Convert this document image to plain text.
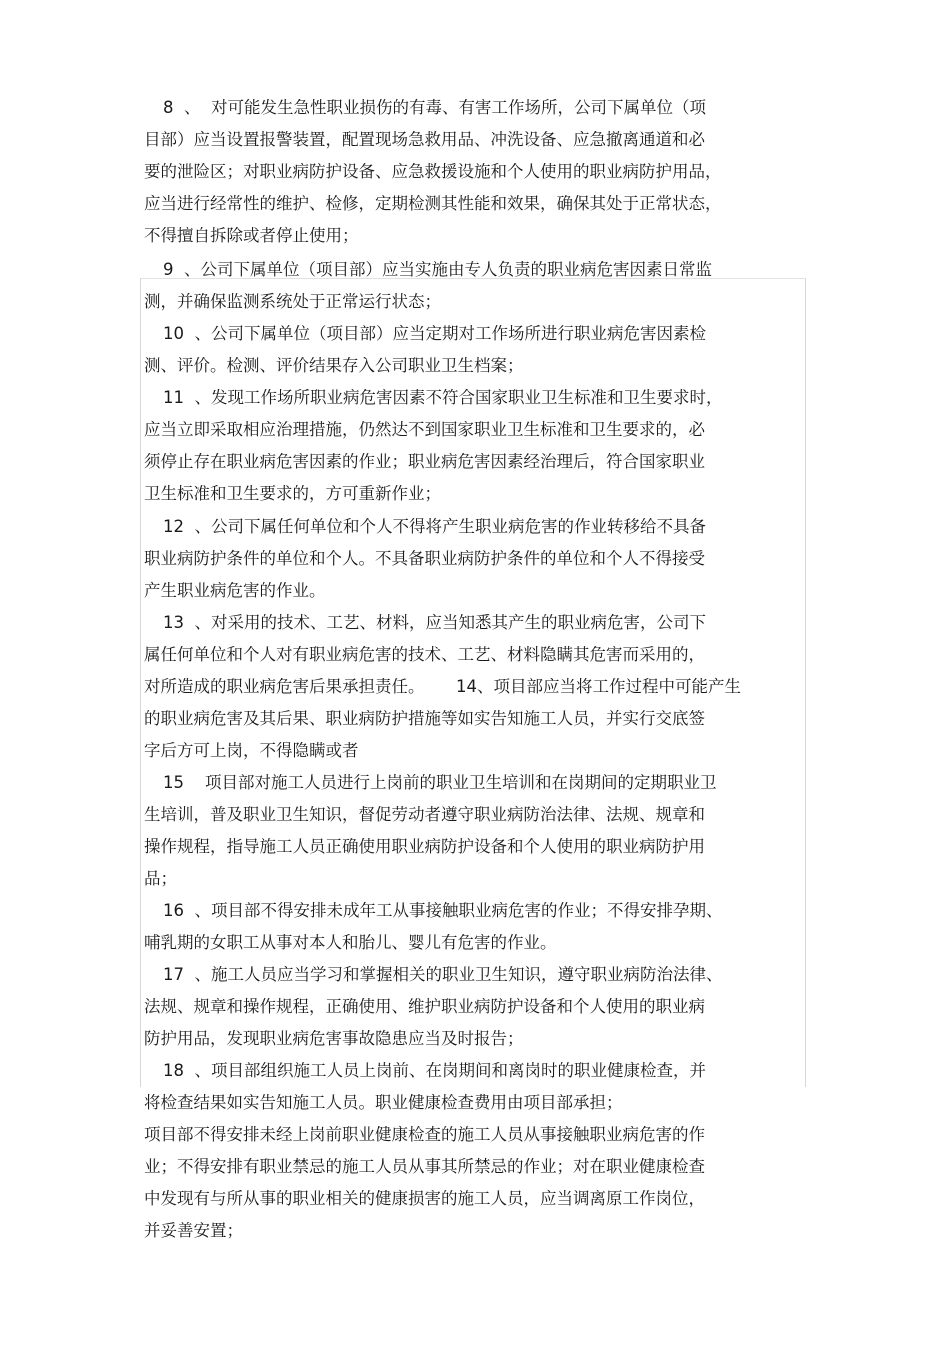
8  、  对可能发生急性职业损伤的有毒、有害工作场所，公司下属单位（项
目部）应当设置报警装置，配置现场急救用品、冲洗设备、应急撤离通道和必
要的泄险区；对职业病防护设备、应急救援设施和个人使用的职业病防护用品，
应当进行经常性的维护、检修，定期检测其性能和效果，确保其处于正常状态，
不得擅自拆除或者停止使用；
9  、公司下属单位（项目部）应当实施由专人负责的职业病危害因素日常监
测，并确保监测系统处于正常运行状态；
10  、公司下属单位（项目部）应当定期对工作场所进行职业病危害因素检
测、评价。检测、评价结果存入公司职业卫生档案；
11  、发现工作场所职业病危害因素不符合国家职业卫生标准和卫生要求时，
应当立即采取相应治理措施，仍然达不到国家职业卫生标准和卫生要求的，必
须停止存在职业病危害因素的作业；职业病危害因素经治理后，符合国家职业
卫生标准和卫生要求的，方可重新作业；
12  、公司下属任何单位和个人不得将产生职业病危害的作业转移给不具备
职业病防护条件的单位和个人。不具备职业病防护条件的单位和个人不得接受
产生职业病危害的作业。
13  、对采用的技术、工艺、材料，应当知悉其产生的职业病危害，公司下
属任何单位和个人对有职业病危害的技术、工艺、材料隐瞒其危害而采用的，
对所造成的职业病危害后果承担责任。      14、项目部应当将工作过程中可能产生
的职业病危害及其后果、职业病防护措施等如实告知施工人员，并实行交底签
字后方可上岗，不得隐瞒或者
15    项目部对施工人员进行上岗前的职业卫生培训和在岗期间的定期职业卫
生培训，普及职业卫生知识，督促劳动者遵守职业病防治法律、法规、规章和
操作规程，指导施工人员正确使用职业病防护设备和个人使用的职业病防护用
品；
16  、项目部不得安排未成年工从事接触职业病危害的作业；不得安排孕期、
哺乳期的女职工从事对本人和胎儿、婴儿有危害的作业。
17  、施工人员应当学习和掌握相关的职业卫生知识，遵守职业病防治法律、
法规、规章和操作规程，正确使用、维护职业病防护设备和个人使用的职业病
防护用品，发现职业病危害事故隐患应当及时报告；
18  、项目部组织施工人员上岗前、在岗期间和离岗时的职业健康检查，并
将检查结果如实告知施工人员。职业健康检查费用由项目部承担；
项目部不得安排未经上岗前职业健康检查的施工人员从事接触职业病危害的作
业；不得安排有职业禁忌的施工人员从事其所禁忌的作业；对在职业健康检查
中发现有与所从事的职业相关的健康损害的施工人员，应当调离原工作岗位，
并妥善安置；
